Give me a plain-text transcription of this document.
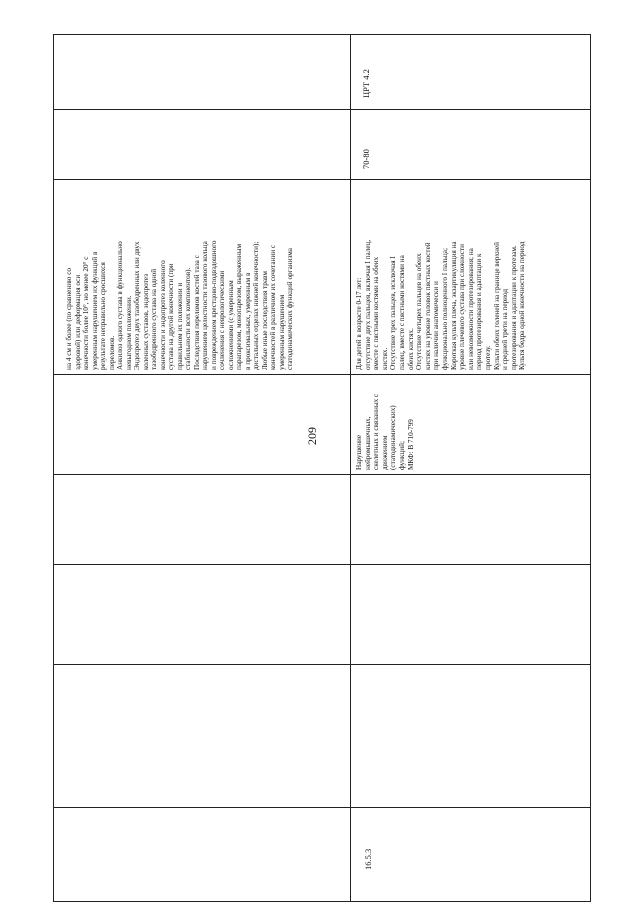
209
на 4 см и более (по сравнению со здоровой) или деформация оси конечности более 10°, но менее 20° с умеренным нарушением их функций в результате неправильно сросшихся переломов. Анкилоз одного сустава в функционально невыгодном положении. Эндопротез двух тазобедренных или двух коленных суставов, эндопротез тазобедренного сустава на одной конечности и эндопротез коленного сустава на другой конечности (при правильном их положении и стабильности всех компонентов). Последствия переломов костей таза с нарушением целостности тазового кольца и повреждением крестцово-подвздошного сочленения с неврологическими осложнениями (с умеренным парапарезом, монопарезом, выраженным в проксимальных, умеренным в дистальных отделах нижней конечности); Любые иные последствия травм конечностей в различном их сочетании с умеренным нарушением статодинамических функций организма
ЦРТ 4.2
70-80
Для детей в возрасте 0-17 лет: отсутствие двух пальцев, включая I палец, вместе с пястными костями на обеих кистях. Отсутствие трех пальцев, исключая I палец, вместе с пястными костями на обеих кистях. Отсутствие четырех пальцев на обеих кистях на уровне головок пястных костей при наличии анатомически и функционально полноценного I пальца; Короткая культя плеча, экзартикуляция на уровне плечевого сустава при сложности или невозможности протезирования; на период протезирования и адаптации к протезу. Культи обеих голеней на границе верхней и средней трети на период протезирования и адаптации к протезам. Культя бедра одной конечности на период
Нарушение нейромышечных, скелетных и связанных с движением (статодинамических) функций; МКФ: В 710-799
16.5.3
